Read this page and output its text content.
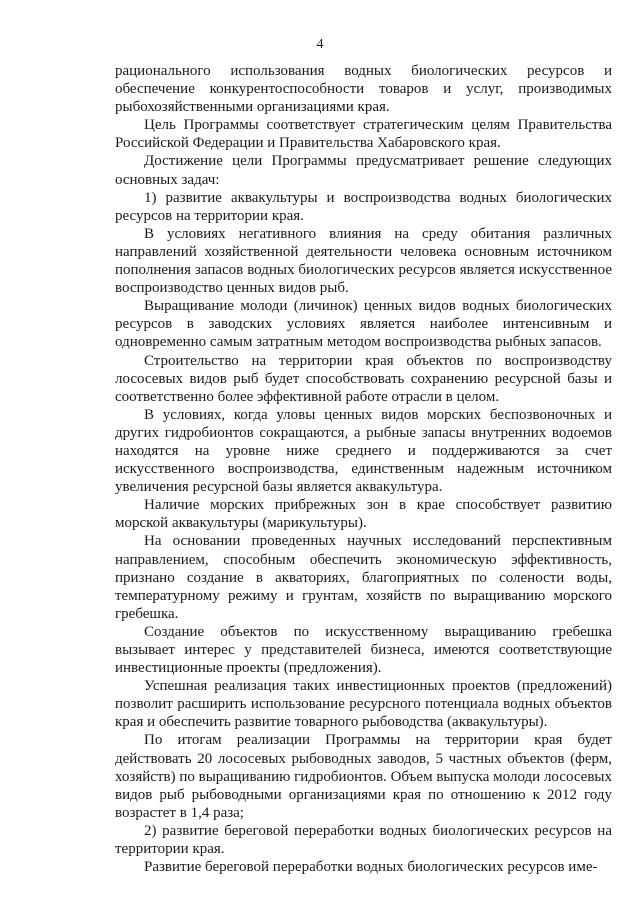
4

рационального использования водных биологических ресурсов и обеспечение конкурентоспособности товаров и услуг, производимых рыбохозяйственными организациями края.

Цель Программы соответствует стратегическим целям Правительства Российской Федерации и Правительства Хабаровского края.

Достижение цели Программы предусматривает решение следующих основных задач:

1) развитие аквакультуры и воспроизводства водных биологических ресурсов на территории края.

В условиях негативного влияния на среду обитания различных направлений хозяйственной деятельности человека основным источником пополнения запасов водных биологических ресурсов является искусственное воспроизводство ценных видов рыб.

Выращивание молоди (личинок) ценных видов водных биологических ресурсов в заводских условиях является наиболее интенсивным и одновременно самым затратным методом воспроизводства рыбных запасов.

Строительство на территории края объектов по воспроизводству лососевых видов рыб будет способствовать сохранению ресурсной базы и соответственно более эффективной работе отрасли в целом.

В условиях, когда уловы ценных видов морских беспозвоночных и других гидробионтов сокращаются, а рыбные запасы внутренних водоемов находятся на уровне ниже среднего и поддерживаются за счет искусственного воспроизводства, единственным надежным источником увеличения ресурсной базы является аквакультура.

Наличие морских прибрежных зон в крае способствует развитию морской аквакультуры (марикультуры).

На основании проведенных научных исследований перспективным направлением, способным обеспечить экономическую эффективность, признано создание в акваториях, благоприятных по солености воды, температурному режиму и грунтам, хозяйств по выращиванию морского гребешка.

Создание объектов по искусственному выращиванию гребешка вызывает интерес у представителей бизнеса, имеются соответствующие инвестиционные проекты (предложения).

Успешная реализация таких инвестиционных проектов (предложений) позволит расширить использование ресурсного потенциала водных объектов края и обеспечить развитие товарного рыбоводства (аквакультуры).

По итогам реализации Программы на территории края будет действовать 20 лососевых рыбоводных заводов, 5 частных объектов (ферм, хозяйств) по выращиванию гидробионтов. Объем выпуска молоди лососевых видов рыб рыбоводными организациями края по отношению к 2012 году возрастет в 1,4 раза;

2) развитие береговой переработки водных биологических ресурсов на территории края.

Развитие береговой переработки водных биологических ресурсов име-
